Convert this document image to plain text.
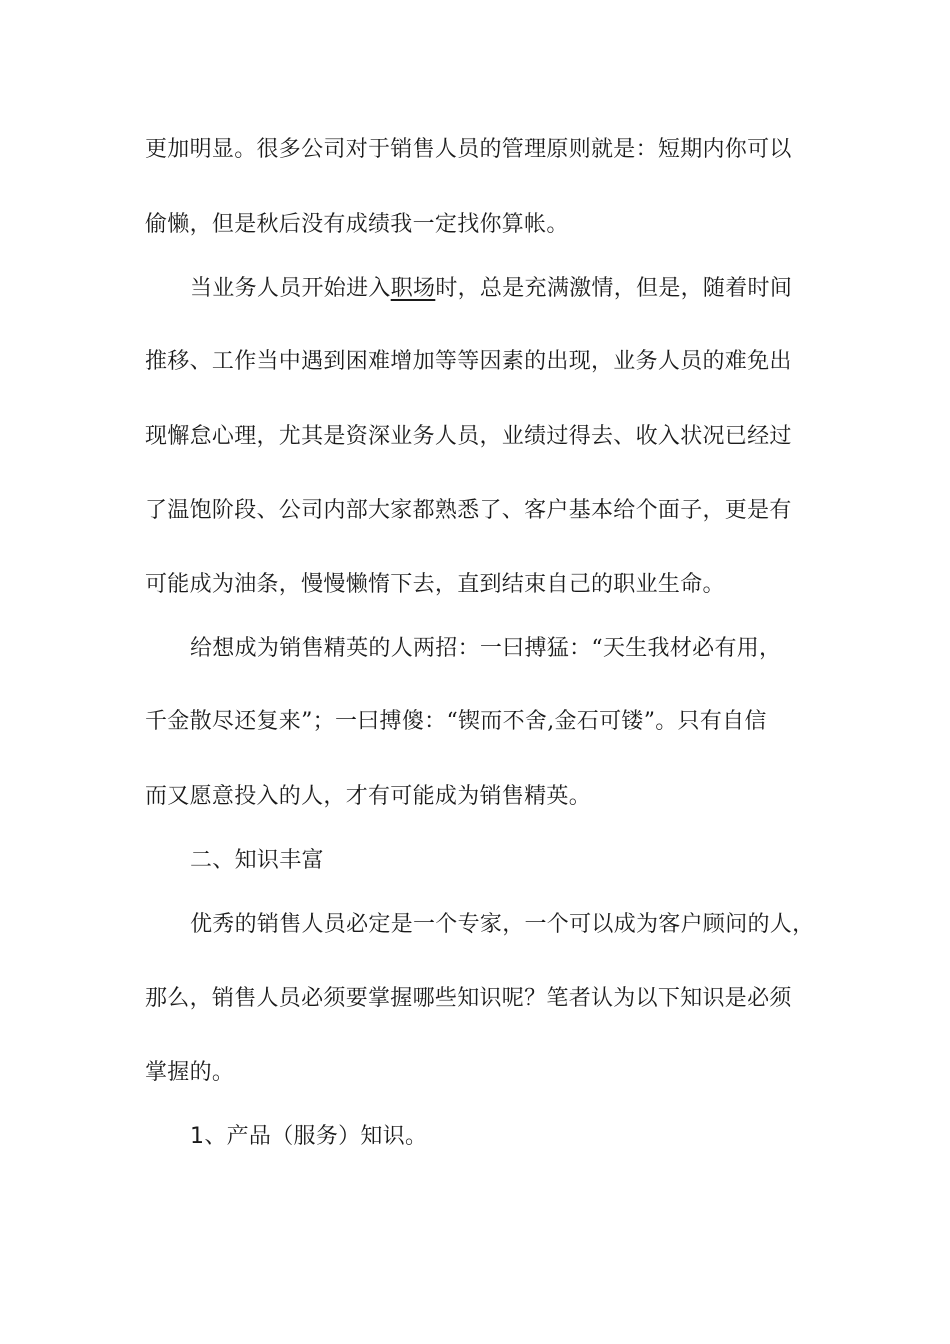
更加明显。很多公司对于销售人员的管理原则就是：短期内你可以
偷懒，但是秋后没有成绩我一定找你算帐。
当业务人员开始进入职场时，总是充满激情，但是，随着时间
推移、工作当中遇到困难增加等等因素的出现，业务人员的难免出
现懈怠心理，尤其是资深业务人员，业绩过得去、收入状况已经过
了温饱阶段、公司内部大家都熟悉了、客户基本给个面子，更是有
可能成为油条，慢慢懒惰下去，直到结束自己的职业生命。
给想成为销售精英的人两招：一曰搏猛：“天生我材必有用，
千金散尽还复来”；一曰搏傻：“锲而不舍,金石可镂”。只有自信
而又愿意投入的人，才有可能成为销售精英。
二、知识丰富
优秀的销售人员必定是一个专家，一个可以成为客户顾问的人，
那么，销售人员必须要掌握哪些知识呢？笔者认为以下知识是必须
掌握的。
1、产品（服务）知识。
